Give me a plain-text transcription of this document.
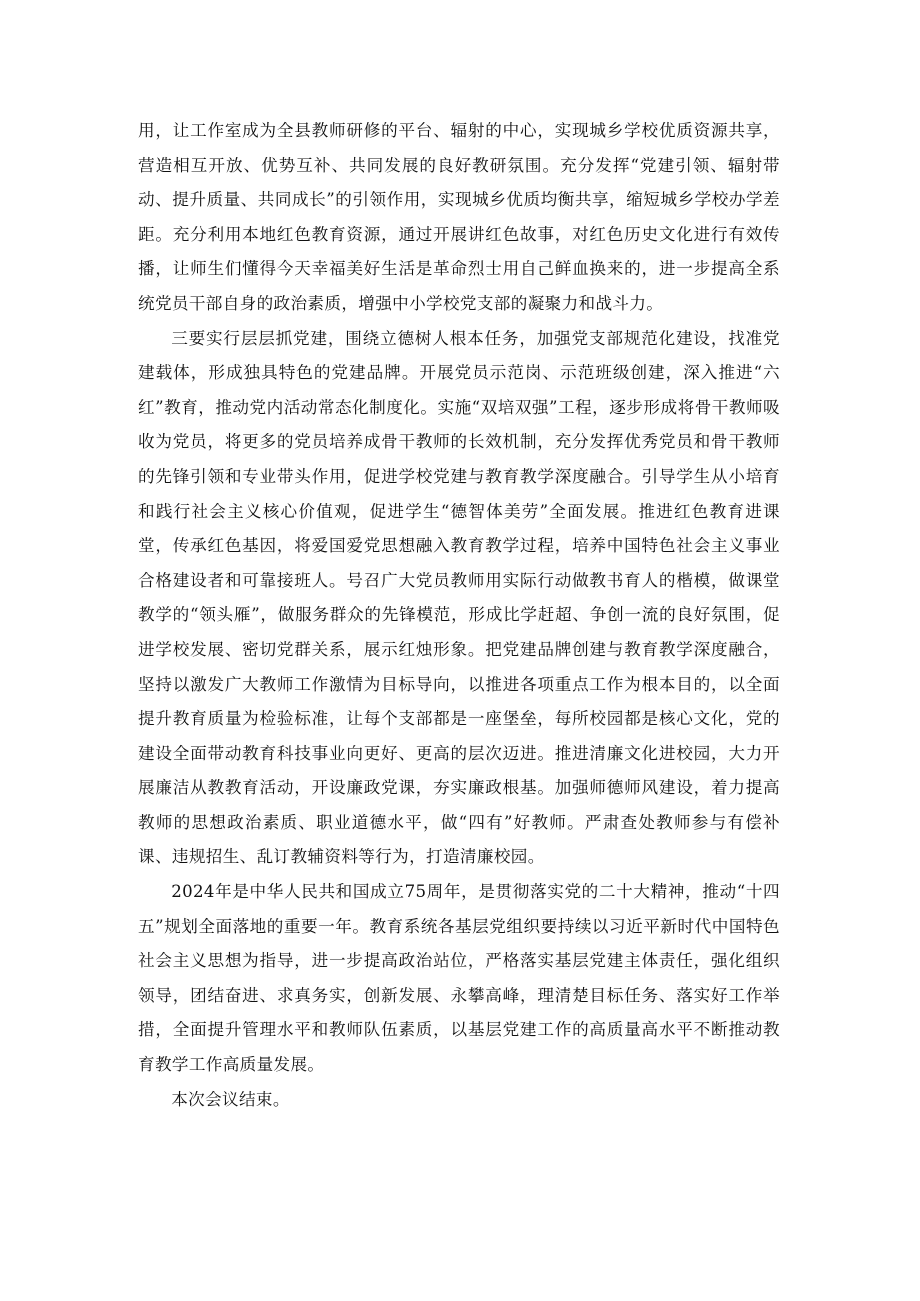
用，让工作室成为全县教师研修的平台、辐射的中心，实现城乡学校优质资源共享，营造相互开放、优势互补、共同发展的良好教研氛围。充分发挥“党建引领、辐射带动、提升质量、共同成长”的引领作用，实现城乡优质均衡共享，缩短城乡学校办学差距。充分利用本地红色教育资源，通过开展讲红色故事，对红色历史文化进行有效传播，让师生们懂得今天幸福美好生活是革命烈士用自己鲜血换来的，进一步提高全系统党员干部自身的政治素质，增强中小学校党支部的凝聚力和战斗力。

三要实行层层抓党建，围绕立德树人根本任务，加强党支部规范化建设，找准党建载体，形成独具特色的党建品牌。开展党员示范岗、示范班级创建，深入推进“六红”教育，推动党内活动常态化制度化。实施“双培双强”工程，逐步形成将骨干教师吸收为党员，将更多的党员培养成骨干教师的长效机制，充分发挥优秀党员和骨干教师的先锋引领和专业带头作用，促进学校党建与教育教学深度融合。引导学生从小培育和践行社会主义核心价值观，促进学生“德智体美劳”全面发展。推进红色教育进课堂，传承红色基因，将爱国爱党思想融入教育教学过程，培养中国特色社会主义事业合格建设者和可靠接班人。号召广大党员教师用实际行动做教书育人的楷模，做课堂教学的“领头雁”，做服务群众的先锋模范，形成比学赶超、争创一流的良好氛围，促进学校发展、密切党群关系，展示红烛形象。把党建品牌创建与教育教学深度融合，坚持以激发广大教师工作激情为目标导向，以推进各项重点工作为根本目的，以全面提升教育质量为检验标准，让每个支部都是一座堡垒，每所校园都是核心文化，党的建设全面带动教育科技事业向更好、更高的层次迈进。推进清廉文化进校园，大力开展廉洁从教教育活动，开设廉政党课，夯实廉政根基。加强师德师风建设，着力提高教师的思想政治素质、职业道德水平，做“四有”好教师。严肃查处教师参与有偿补课、违规招生、乱订教辅资料等行为，打造清廉校园。

2024年是中华人民共和国成立75周年，是贯彻落实党的二十大精神，推动“十四五”规划全面落地的重要一年。教育系统各基层党组织要持续以习近平新时代中国特色社会主义思想为指导，进一步提高政治站位，严格落实基层党建主体责任，强化组织领导，团结奋进、求真务实，创新发展、永攀高峰，理清楚目标任务、落实好工作举措，全面提升管理水平和教师队伍素质，以基层党建工作的高质量高水平不断推动教育教学工作高质量发展。

本次会议结束。
